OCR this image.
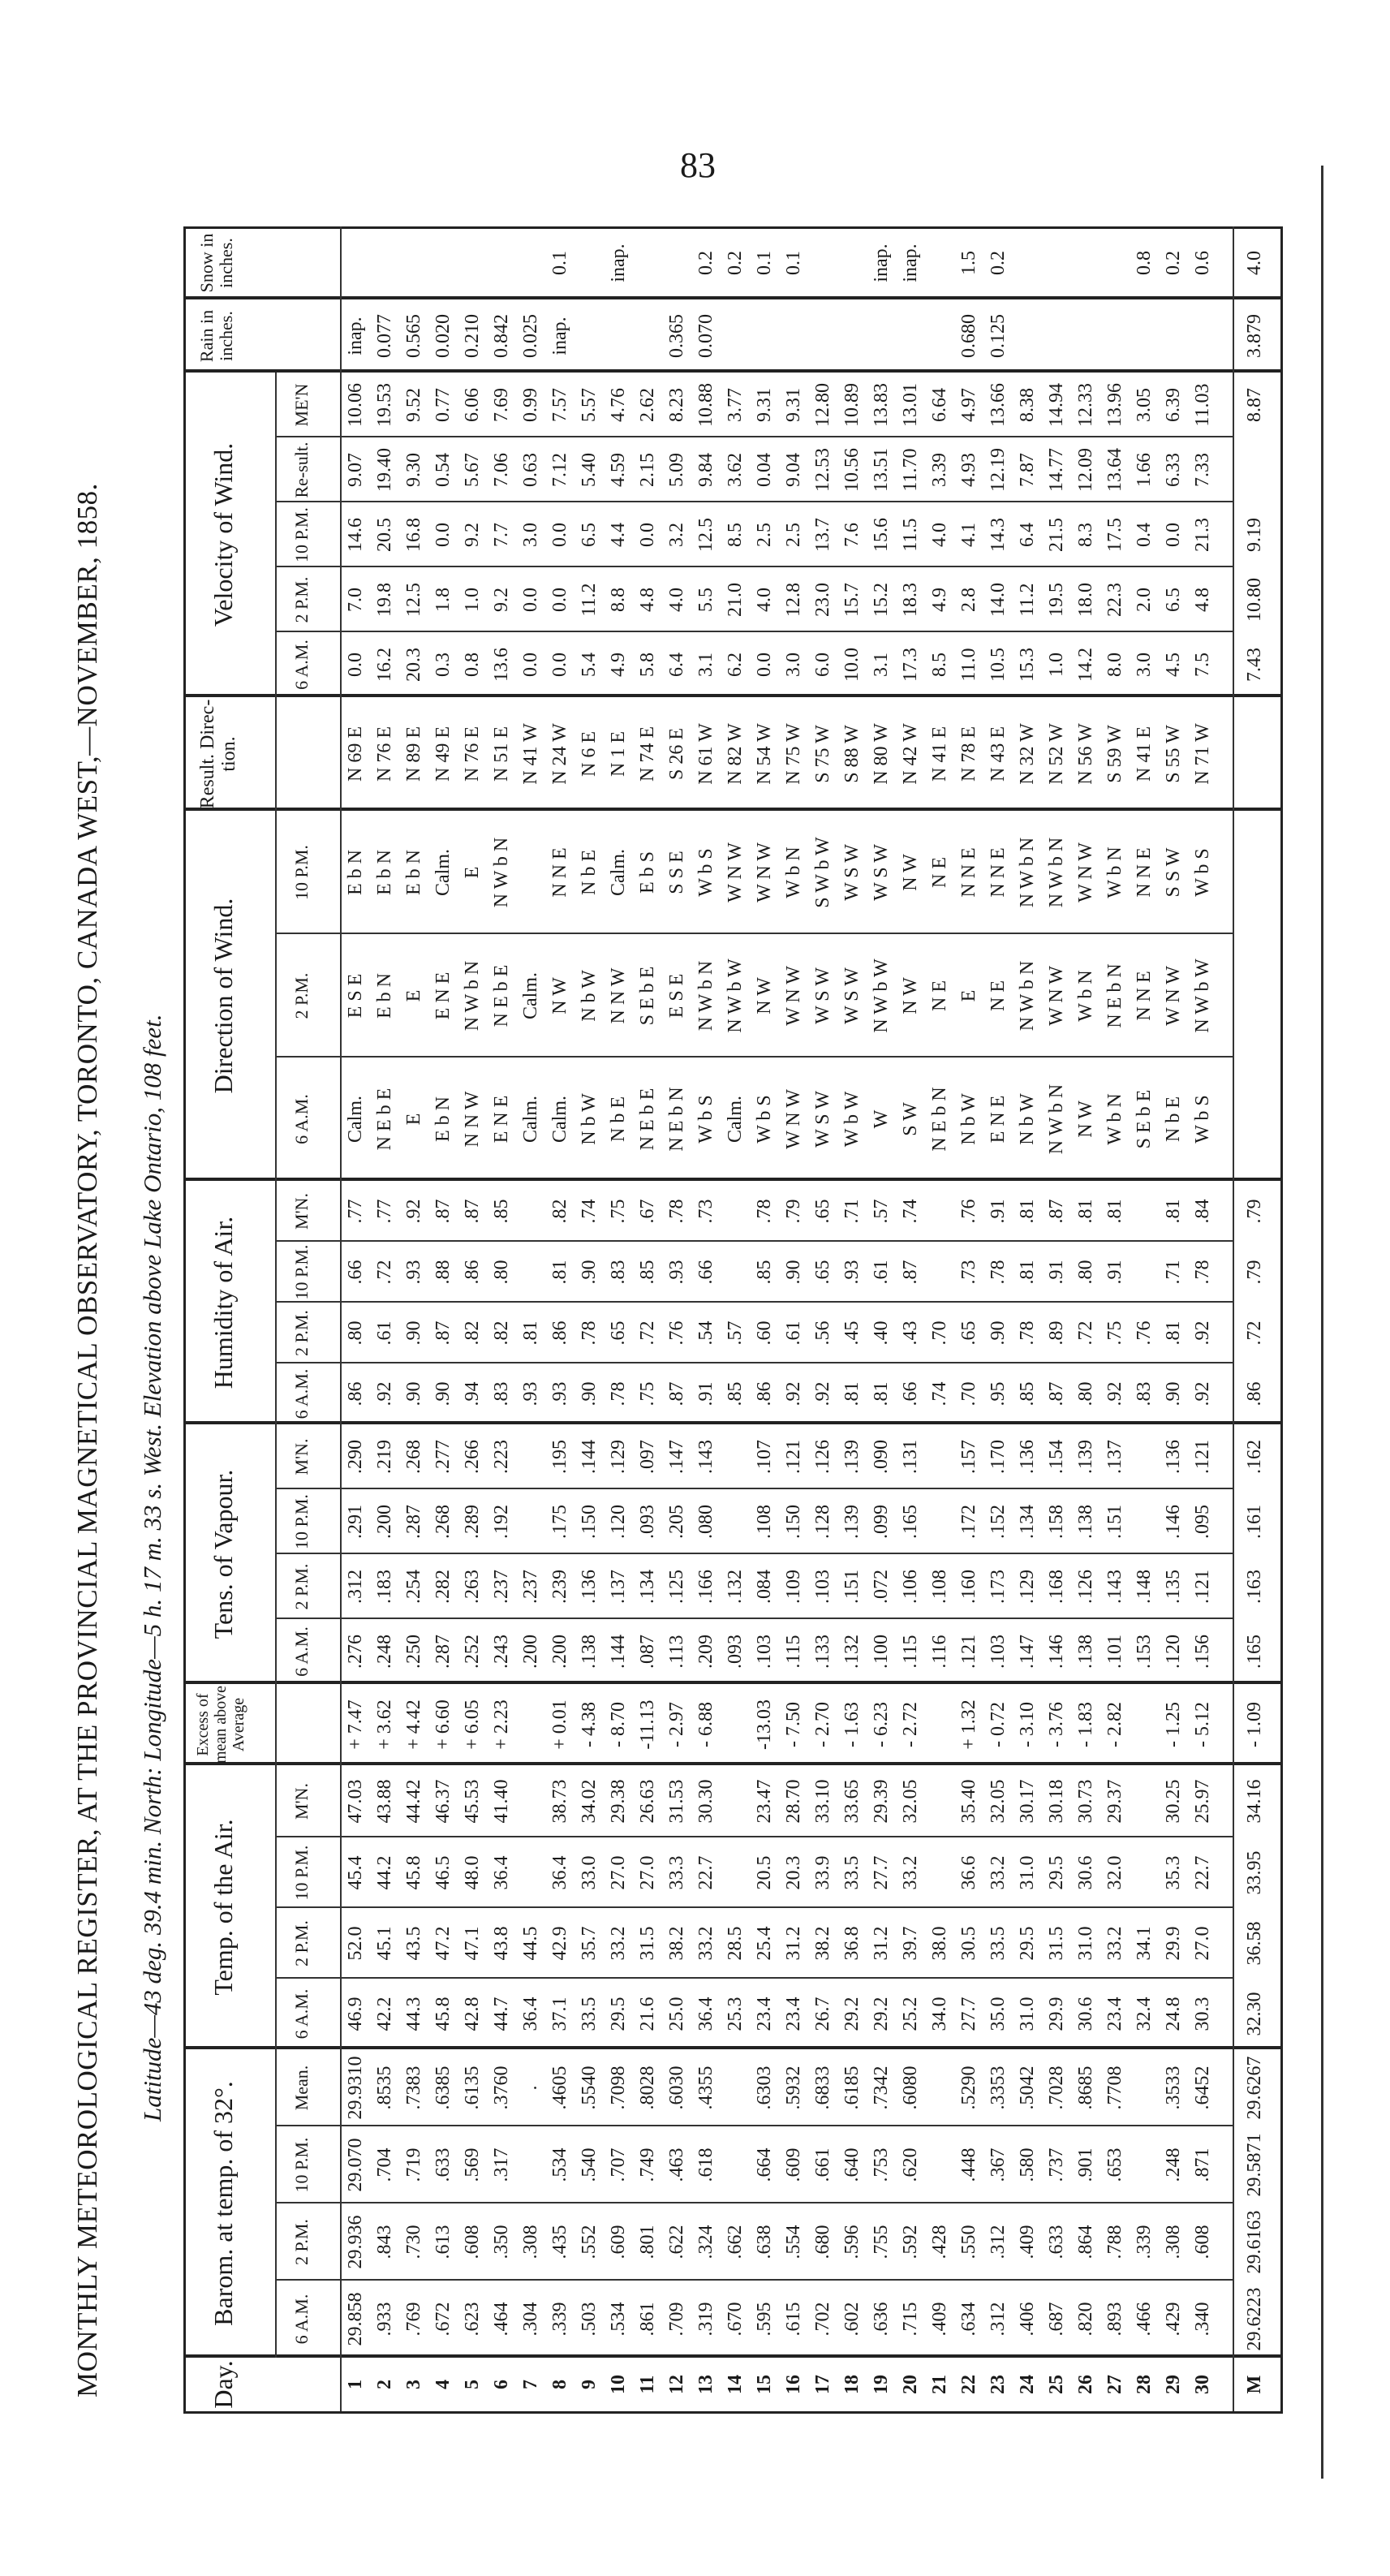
83
MONTHLY METEOROLOGICAL REGISTER, AT THE PROVINCIAL MAGNETICAL OBSERVATORY, TORONTO, CANADA WEST,—NOVEMBER, 1858. Latitude—43 deg. 39.4 min. North: Longitude—5 h. 17 m. 33 s. West. Elevation above Lake Ontario, 108 feet.
Day.
Barom. at temp. of 32°.
Temp. of the Air.
Excess of mean above Average
Tens. of Vapour.
Humidity of Air.
Direction of Wind.
Result. Direc- tion.
Velocity of Wind.
Rain in inches.
Snow in inches.
6 A.M.
2 P.M.
10 P.M.
Mean.
6 A.M.
2 P.M.
10 P.M.
M'N.
6 A.M.
2 P.M.
10 P.M.
M'N.
6 A.M.
2 P.M.
10 P.M.
M'N.
6 A.M.
2 P.M.
10 P.M.
6 A.M.
2 P.M.
10 P.M.
Re-sult.
ME'N
1
29.858
29.936
29.070
29.9310
46.9
52.0
45.4
47.03
+ 7.47
.276
.312
.291
.290
.86
.80
.66
.77
Calm.
E S E
E b N
N 69 E
0.0
7.0
14.6
9.07
10.06
inap.
2
.933
.843
.704
.8535
42.2
45.1
44.2
43.88
+ 3.62
.248
.183
.200
.219
.92
.61
.72
.77
N E b E
E b N
E b N
N 76 E
16.2
19.8
20.5
19.40
19.53
0.077
3
.769
.730
.719
.7383
44.3
43.5
45.8
44.42
+ 4.42
.250
.254
.287
.268
.90
.90
.93
.92
E
E
E b N
N 89 E
20.3
12.5
16.8
9.30
9.52
0.565
4
.672
.613
.633
.6385
45.8
47.2
46.5
46.37
+ 6.60
.287
.282
.268
.277
.90
.87
.88
.87
E b N
E N E
Calm.
N 49 E
0.3
1.8
0.0
0.54
0.77
0.020
5
.623
.608
.569
.6135
42.8
47.1
48.0
45.53
+ 6.05
.252
.263
.289
.266
.94
.82
.86
.87
N N W
N W b N
E
N 76 E
0.8
1.0
9.2
5.67
6.06
0.210
6
.464
.350
.317
.3760
44.7
43.8
36.4
41.40
+ 2.23
.243
.237
.192
.223
.83
.82
.80
.85
E N E
N E b E
N W b N
N 51 E
13.6
9.2
7.7
7.06
7.69
0.842
7
.304
.308
.
36.4
44.5
.200
.237
.93
.81
Calm.
Calm.
N 41 W
0.0
0.0
3.0
0.63
0.99
0.025
8
.339
.435
.534
.4605
37.1
42.9
36.4
38.73
+ 0.01
.200
.239
.175
.195
.93
.86
.81
.82
Calm.
N W
N N E
N 24 W
0.0
0.0
0.0
7.12
7.57
inap.
0.1
9
.503
.552
.540
.5540
33.5
35.7
33.0
34.02
- 4.38
.138
.136
.150
.144
.90
.78
.90
.74
N b W
N b W
N b E
N 6 E
5.4
11.2
6.5
5.40
5.57
10
.534
.609
.707
.7098
29.5
33.2
27.0
29.38
- 8.70
.144
.137
.120
.129
.78
.65
.83
.75
N b E
N N W
Calm.
N 1 E
4.9
8.8
4.4
4.59
4.76
inap.
11
.861
.801
.749
.8028
21.6
31.5
27.0
26.63
-11.13
.087
.134
.093
.097
.75
.72
.85
.67
N E b E
S E b E
E b S
N 74 E
5.8
4.8
0.0
2.15
2.62
12
.709
.622
.463
.6030
25.0
38.2
33.3
31.53
- 2.97
.113
.125
.205
.147
.87
.76
.93
.78
N E b N
E S E
S S E
S 26 E
6.4
4.0
3.2
5.09
8.23
0.365
13
.319
.324
.618
.4355
36.4
33.2
22.7
30.30
- 6.88
.209
.166
.080
.143
.91
.54
.66
.73
W b S
N W b N
W b S
N 61 W
3.1
5.5
12.5
9.84
10.88
0.070
0.2
14
.670
.662
25.3
28.5
.093
.132
.85
.57
Calm.
N W b W
W N W
N 82 W
6.2
21.0
8.5
3.62
3.77
0.2
15
.595
.638
.664
.6303
23.4
25.4
20.5
23.47
-13.03
.103
.084
.108
.107
.86
.60
.85
.78
W b S
N W
W N W
N 54 W
0.0
4.0
2.5
0.04
9.31
0.1
16
.615
.554
.609
.5932
23.4
31.2
20.3
28.70
- 7.50
.115
.109
.150
.121
.92
.61
.90
.79
W N W
W N W
W b N
N 75 W
3.0
12.8
2.5
9.04
9.31
0.1
17
.702
.680
.661
.6833
26.7
38.2
33.9
33.10
- 2.70
.133
.103
.128
.126
.92
.56
.65
.65
W S W
W S W
S W b W
S 75 W
6.0
23.0
13.7
12.53
12.80
18
.602
.596
.640
.6185
29.2
36.8
33.5
33.65
- 1.63
.132
.151
.139
.139
.81
.45
.93
.71
W b W
W S W
W S W
S 88 W
10.0
15.7
7.6
10.56
10.89
19
.636
.755
.753
.7342
29.2
31.2
27.7
29.39
- 6.23
.100
.072
.099
.090
.81
.40
.61
.57
W
N W b W
W S W
N 80 W
3.1
15.2
15.6
13.51
13.83
inap.
20
.715
.592
.620
.6080
25.2
39.7
33.2
32.05
- 2.72
.115
.106
.165
.131
.66
.43
.87
.74
S W
N W
N W
N 42 W
17.3
18.3
11.5
11.70
13.01
inap.
21
.409
.428
34.0
38.0
.116
.108
.74
.70
N E b N
N E
N E
N 41 E
8.5
4.9
4.0
3.39
6.64
22
.634
.550
.448
.5290
27.7
30.5
36.6
35.40
+ 1.32
.121
.160
.172
.157
.70
.65
.73
.76
N b W
E
N N E
N 78 E
11.0
2.8
4.1
4.93
4.97
0.680
1.5
23
.312
.312
.367
.3353
35.0
33.5
33.2
32.05
- 0.72
.103
.173
.152
.170
.95
.90
.78
.91
E N E
N E
N N E
N 43 E
10.5
14.0
14.3
12.19
13.66
0.125
0.2
24
.406
.409
.580
.5042
31.0
29.5
31.0
30.17
- 3.10
.147
.129
.134
.136
.85
.78
.81
.81
N b W
N W b N
N W b N
N 32 W
15.3
11.2
6.4
7.87
8.38
25
.687
.633
.737
.7028
29.9
31.5
29.5
30.18
- 3.76
.146
.168
.158
.154
.87
.89
.91
.87
N W b N
W N W
N W b N
N 52 W
1.0
19.5
21.5
14.77
14.94
26
.820
.864
.901
.8685
30.6
31.0
30.6
30.73
- 1.83
.138
.126
.138
.139
.80
.72
.80
.81
N W
W b N
W N W
N 56 W
14.2
18.0
8.3
12.09
12.33
27
.893
.788
.653
.7708
23.4
33.2
32.0
29.37
- 2.82
.101
.143
.151
.137
.92
.75
.91
.81
W b N
N E b N
W b N
S 59 W
8.0
22.3
17.5
13.64
13.96
28
.466
.339
32.4
34.1
.153
.148
.83
.76
S E b E
N N E
N N E
N 41 E
3.0
2.0
0.4
1.66
3.05
0.8
29
.429
.308
.248
.3533
24.8
29.9
35.3
30.25
- 1.25
.120
.135
.146
.136
.90
.81
.71
.81
N b E
W N W
S S W
S 55 W
4.5
6.5
0.0
6.33
6.39
0.2
30
.340
.608
.871
.6452
30.3
27.0
22.7
25.97
- 5.12
.156
.121
.095
.121
.92
.92
.78
.84
W b S
N W b W
W b S
N 71 W
7.5
4.8
21.3
7.33
11.03
0.6
M
29.6223
29.6163
29.5871
29.6267
32.30
36.58
33.95
34.16
- 1.09
.165
.163
.161
.162
.86
.72
.79
.79
7.43
10.80
9.19
8.87
3.879
4.0
